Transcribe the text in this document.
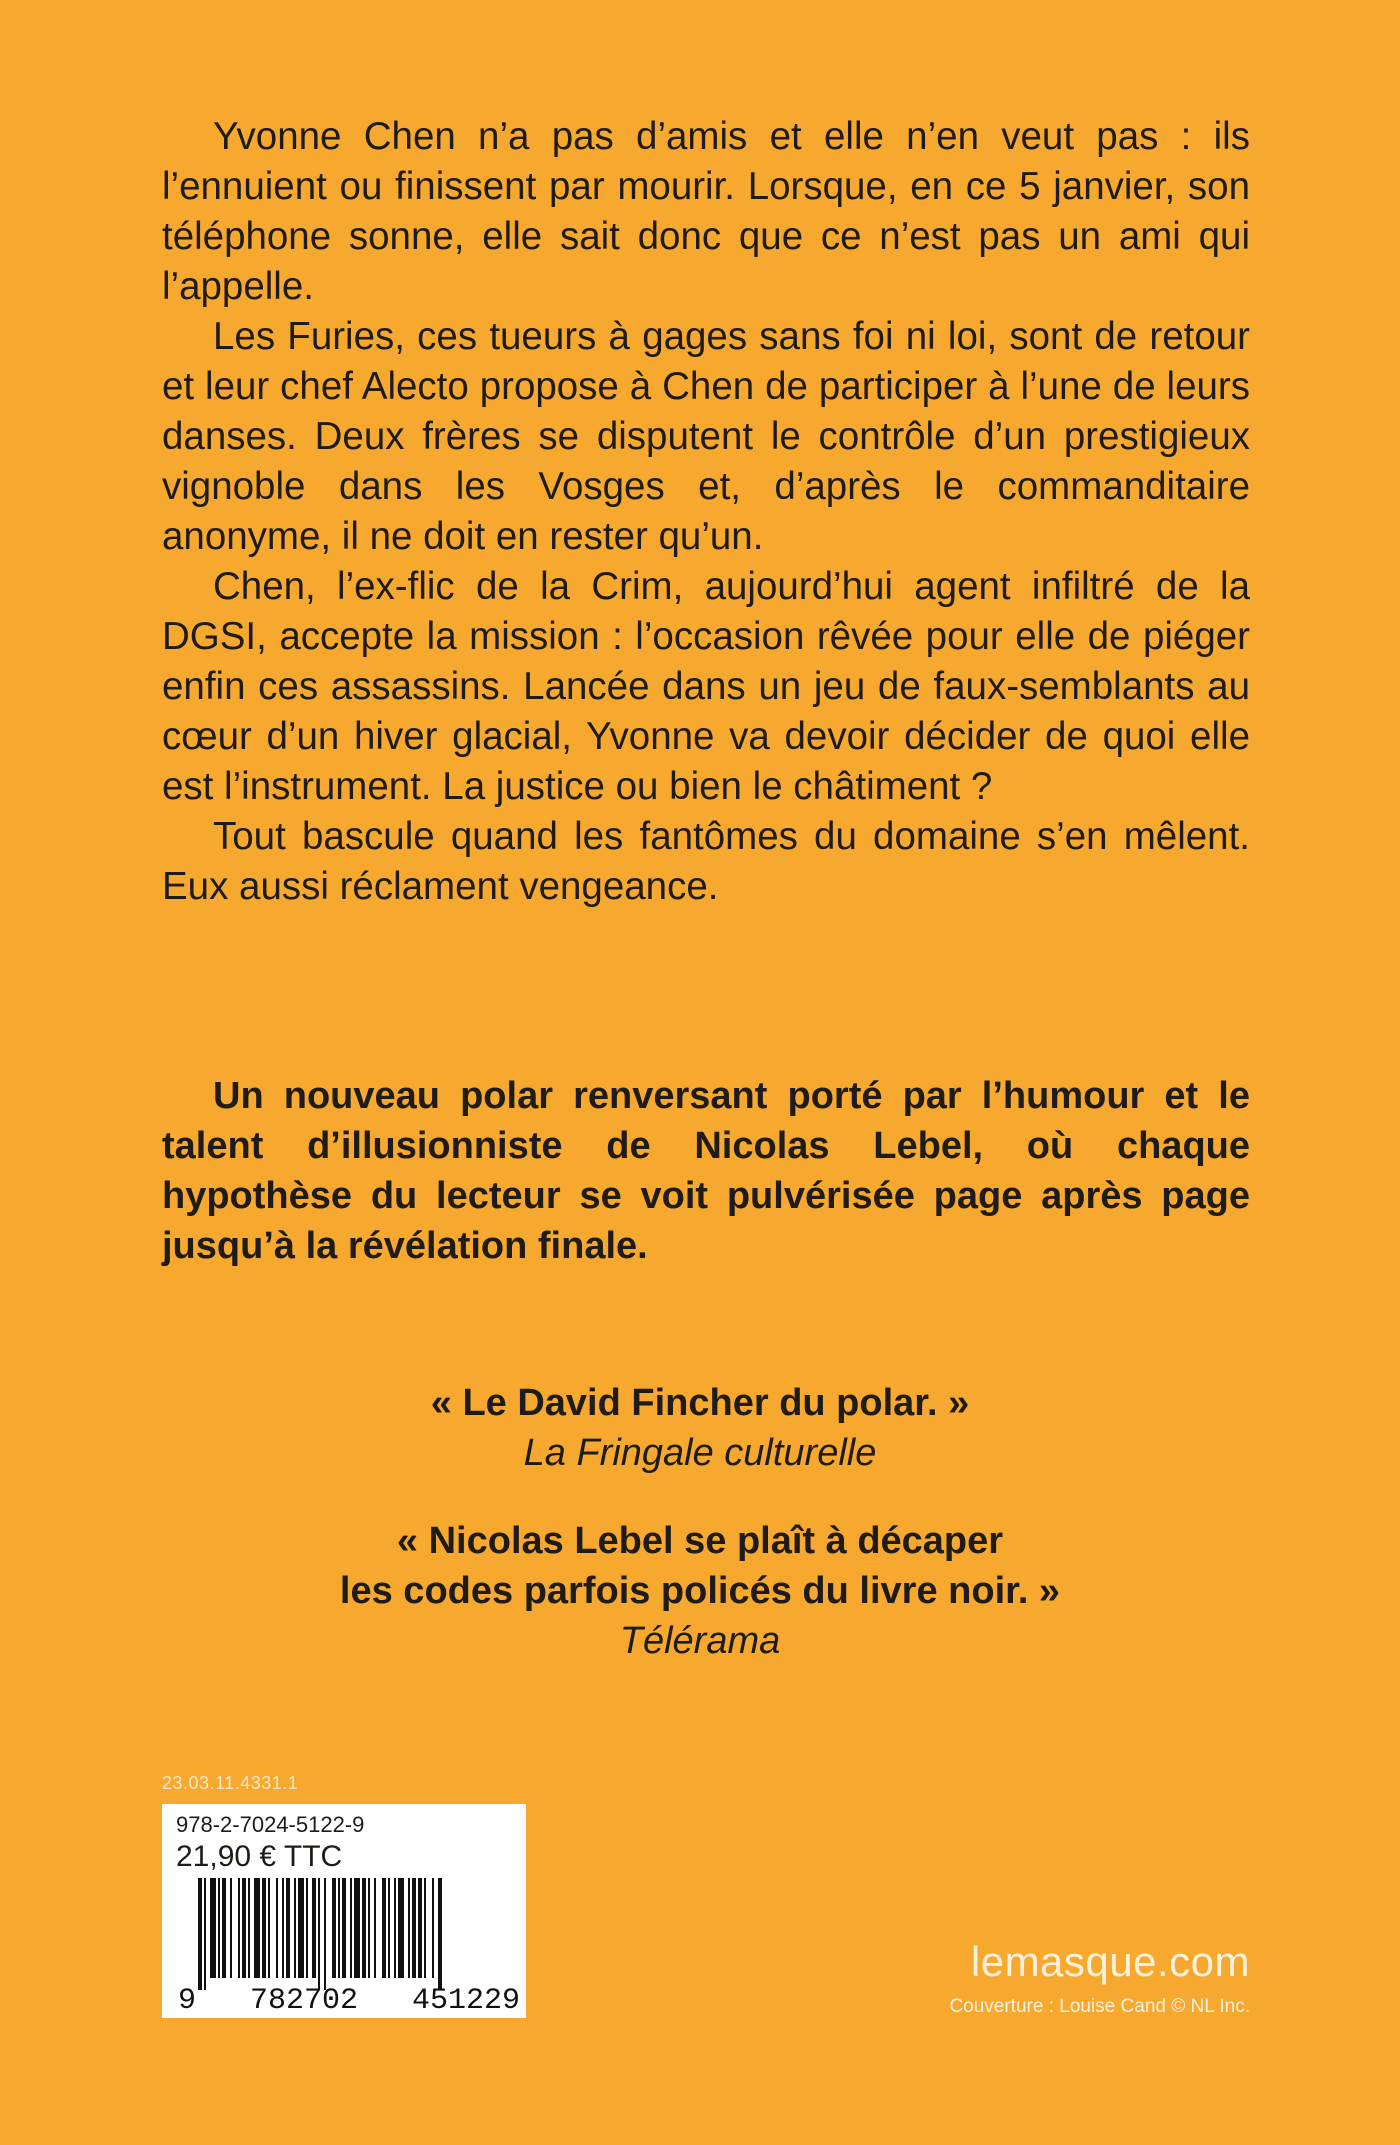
Yvonne Chen n’a pas d’amis et elle n’en veut pas : ils l’ennuient ou finissent par mourir. Lorsque, en ce 5 janvier, son téléphone sonne, elle sait donc que ce n’est pas un ami qui l’appelle.

Les Furies, ces tueurs à gages sans foi ni loi, sont de retour et leur chef Alecto propose à Chen de participer à l’une de leurs danses. Deux frères se disputent le contrôle d’un prestigieux vignoble dans les Vosges et, d’après le commanditaire anonyme, il ne doit en rester qu’un.

Chen, l’ex-flic de la Crim, aujourd’hui agent infiltré de la DGSI, accepte la mission : l’occasion rêvée pour elle de piéger enfin ces assassins. Lancée dans un jeu de faux-semblants au cœur d’un hiver glacial, Yvonne va devoir décider de quoi elle est l’instrument. La justice ou bien le châtiment ?

Tout bascule quand les fantômes du domaine s’en mêlent. Eux aussi réclament vengeance.

Un nouveau polar renversant porté par l’humour et le talent d’illusionniste de Nicolas Lebel, où chaque hypothèse du lecteur se voit pulvérisée page après page jusqu’à la révélation finale.

« Le David Fincher du polar. »
La Fringale culturelle
« Nicolas Lebel se plaît à décaper
les codes parfois policés du livre noir. »
Télérama
23.03.11.4331.1
978-2-7024-5122-9
21,90 € TTC
9   782702   451229
lemasque.com
Couverture : Louise Cand © NL Inc.
